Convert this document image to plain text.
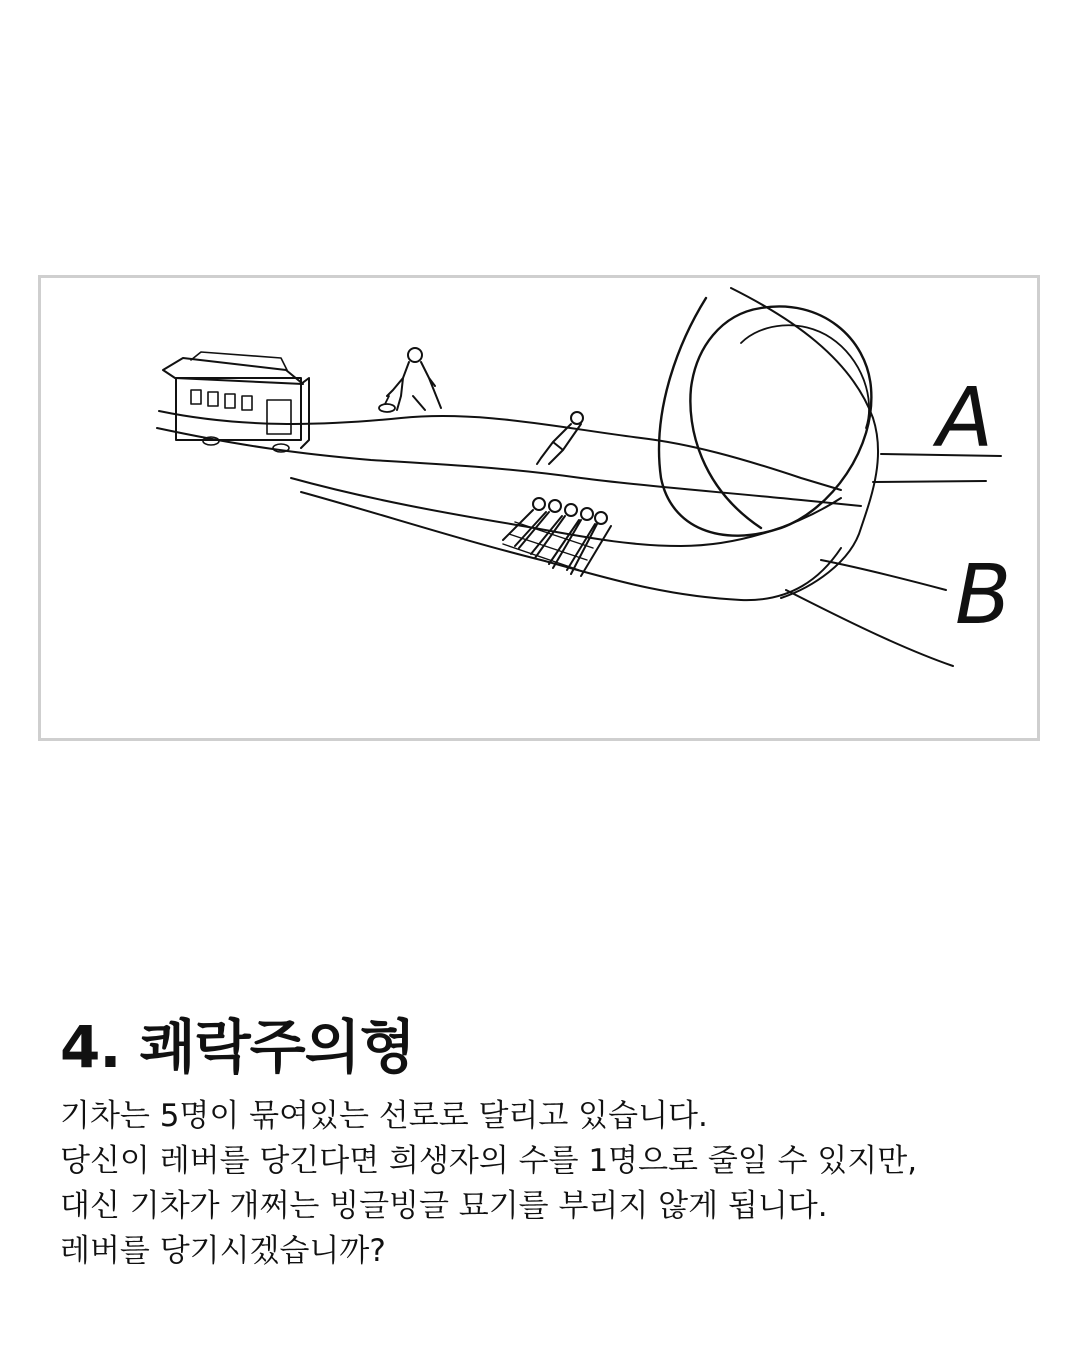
A
B
4. 쾌락주의형
기차는 5명이 묶여있는 선로로 달리고 있습니다.
당신이 레버를 당긴다면 희생자의 수를 1명으로 줄일 수 있지만,
대신 기차가 개쩌는 빙글빙글 묘기를 부리지 않게 됩니다.
레버를 당기시겠습니까?
